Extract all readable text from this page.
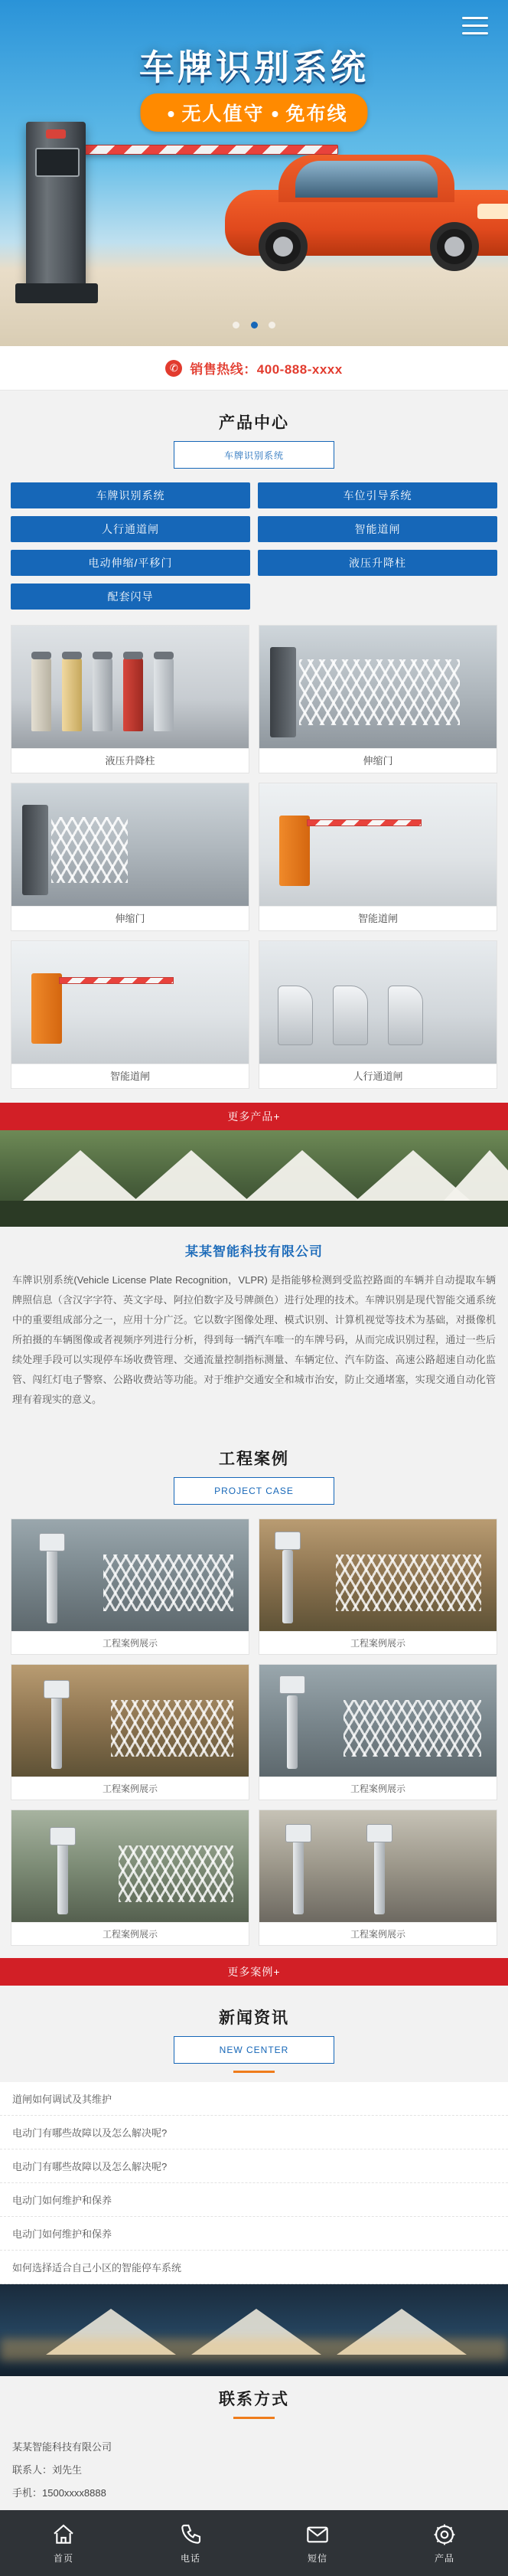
车牌识别系统
无人值守 免布线

✆ 销售热线：400-888-xxxx
产品中心
车牌识别系统
车牌识别系统	车位引导系统
人行通道闸	智能道闸
电动伸缩/平移门	液压升降柱
配套闪导
液压升降柱	伸缩门
伸缩门	智能道闸
智能道闸	人行通道闸
更多产品+
某某智能科技有限公司

车牌识别系统(Vehicle License Plate Recognition，VLPR) 是指能够检测到受监控路面的车辆并自动提取车辆牌照信息（含汉字字符、英文字母、阿拉伯数字及号牌颜色）进行处理的技术。车牌识别是现代智能交通系统中的重要组成部分之一，应用十分广泛。它以数字图像处理、模式识别、计算机视觉等技术为基础，对摄像机所拍摄的车辆图像或者视频序列进行分析，得到每一辆汽车唯一的车牌号码，从而完成识别过程，通过一些后续处理手段可以实现停车场收费管理、交通流量控制指标测量、车辆定位、汽车防盗、高速公路超速自动化监管、闯红灯电子警察、公路收费站等功能。对于维护交通安全和城市治安，防止交通堵塞，实现交通自动化管理有着现实的意义。

工程案例
PROJECT CASE
工程案例展示	工程案例展示
工程案例展示	工程案例展示
工程案例展示	工程案例展示
更多案例+
新闻资讯
NEW CENTER
道闸如何调试及其维护
电动门有哪些故障以及怎么解决呢?
电动门有哪些故障以及怎么解决呢?
电动门如何维护和保养
电动门如何维护和保养
如何选择适合自己小区的智能停车系统
联系方式
某某智能科技有限公司
联系人：刘先生
手机：1500xxxx8888
首页	电话	短信	产品
